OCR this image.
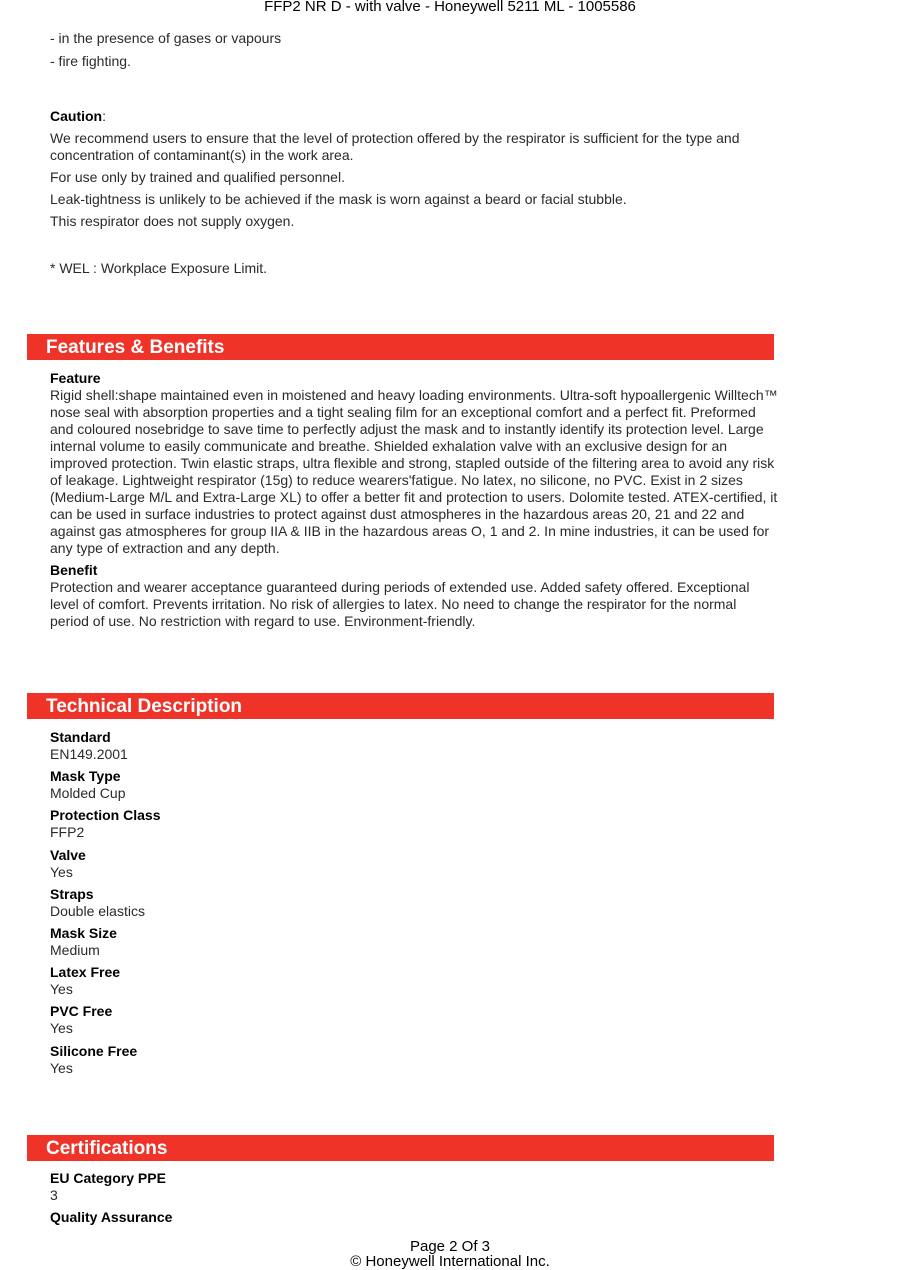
FFP2 NR D - with valve - Honeywell 5211 ML - 1005586

- in the presence of gases or vapours

- fire fighting.

Caution:

We recommend users to ensure that the level of protection offered by the respirator is sufficient for the type and concentration of contaminant(s) in the work area.

For use only by trained and qualified personnel.

Leak-tightness is unlikely to be achieved if the mask is worn against a beard or facial stubble.

This respirator does not supply oxygen.

* WEL : Workplace Exposure Limit.
Features & Benefits
Feature
Rigid shell:shape maintained even in moistened and heavy loading environments. Ultra-soft hypoallergenic Willtech™ nose seal with absorption properties and a tight sealing film for an exceptional comfort and a perfect fit. Preformed and coloured nosebridge to save time to perfectly adjust the mask and to instantly identify its protection level. Large internal volume to easily communicate and breathe. Shielded exhalation valve with an exclusive design for an improved protection. Twin elastic straps, ultra flexible and strong, stapled outside of the filtering area to avoid any risk of leakage. Lightweight respirator (15g) to reduce wearers'fatigue. No latex, no silicone, no PVC. Exist in 2 sizes (Medium-Large M/L and Extra-Large XL) to offer a better fit and protection to users. Dolomite tested. ATEX-certified, it can be used in surface industries to protect against dust atmospheres in the hazardous areas 20, 21 and 22 and against gas atmospheres for group IIA & IIB in the hazardous areas O, 1 and 2. In mine industries, it can be used for any type of extraction and any depth.
Benefit
Protection and wearer acceptance guaranteed during periods of extended use. Added safety offered. Exceptional level of comfort. Prevents irritation. No risk of allergies to latex. No need to change the respirator for the normal period of use. No restriction with regard to use. Environment-friendly.
Technical Description
Standard
EN149.2001
Mask Type
Molded Cup
Protection Class
FFP2
Valve
Yes
Straps
Double elastics
Mask Size
Medium
Latex Free
Yes
PVC Free
Yes
Silicone Free
Yes
Certifications
EU Category PPE
3
Quality Assurance
Page 2 Of 3
© Honeywell International Inc.
